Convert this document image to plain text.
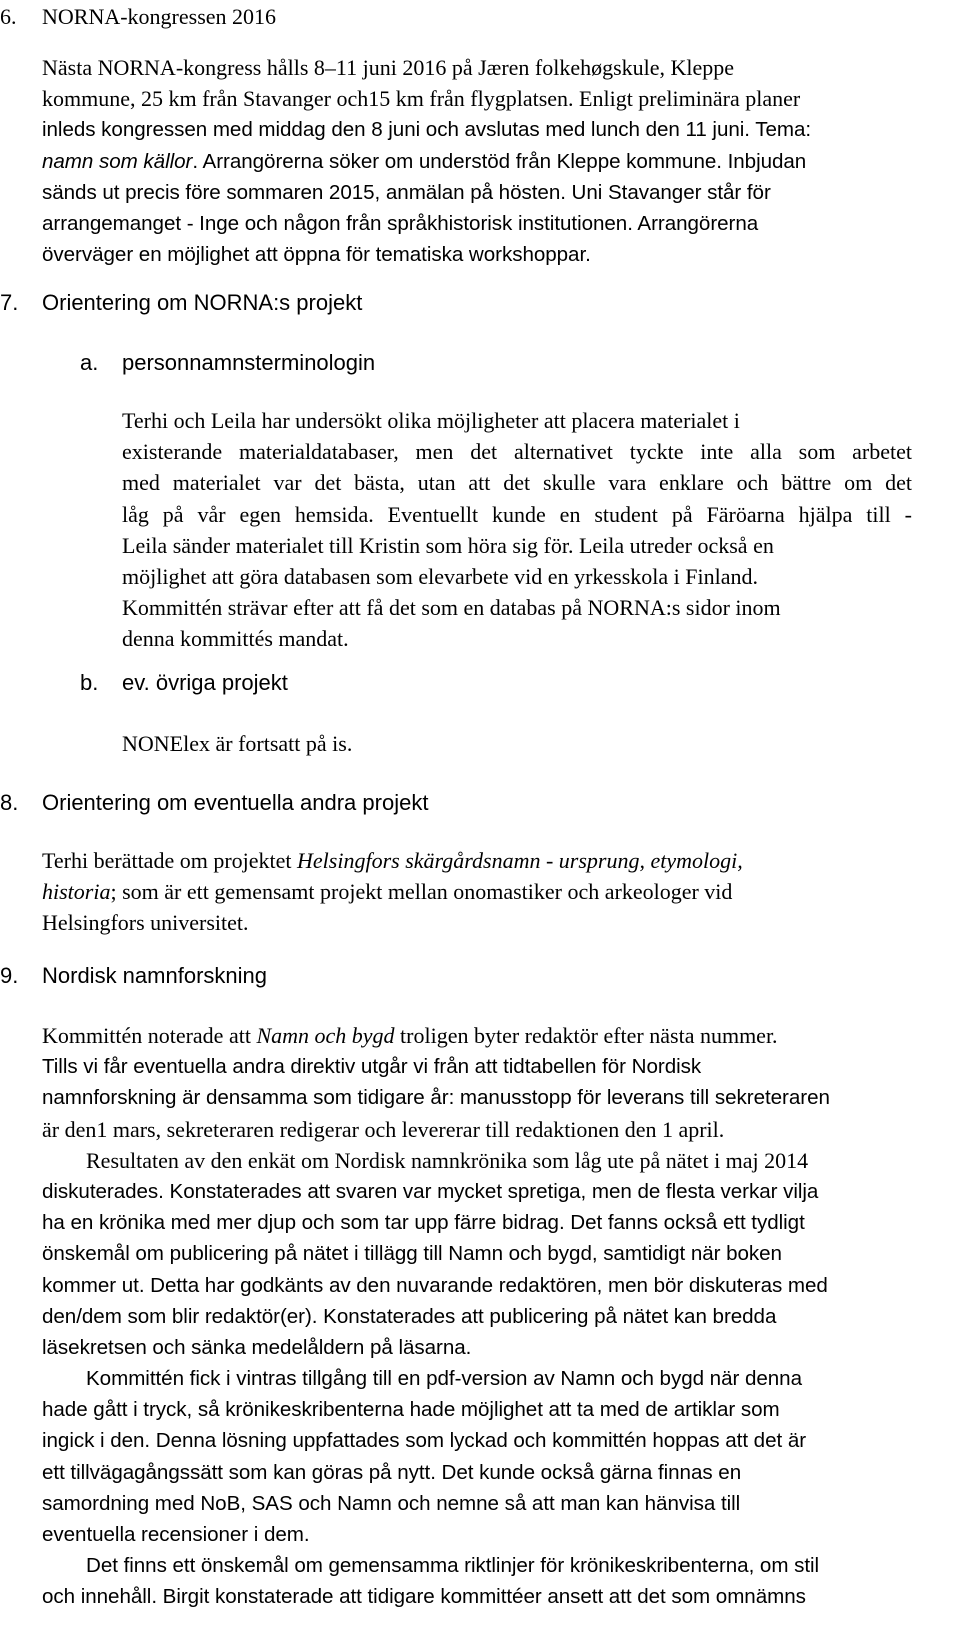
6. NORNA-kongressen 2016
Nästa NORNA-kongress hålls 8–11 juni 2016 på Jæren folkehøgskule, Kleppe
kommune, 25 km från Stavanger och15 km från flygplatsen. Enligt preliminära planer
inleds kongressen med middag den 8 juni och avslutas med lunch den 11 juni. Tema:
namn som källor. Arrangörerna söker om understöd från Kleppe kommune. Inbjudan
sänds ut precis före sommaren 2015, anmälan på hösten. Uni Stavanger står för
arrangemanget - Inge och någon från språkhistorisk institutionen. Arrangörerna
överväger en möjlighet att öppna för tematiska workshoppar.
7. Orientering om NORNA:s projekt
a. personnamnsterminologin
Terhi och Leila har undersökt olika möjligheter att placera materialet i
existerande materialdatabaser, men det alternativet tyckte inte alla som arbetet
med materialet var det bästa, utan att det skulle vara enklare och bättre om det
låg på vår egen hemsida. Eventuellt kunde en student på Färöarna hjälpa till -
Leila sänder materialet till Kristin som höra sig för. Leila utreder också en
möjlighet att göra databasen som elevarbete vid en yrkesskola i Finland.
Kommittén strävar efter att få det som en databas på NORNA:s sidor inom
denna kommittés mandat.
b. ev. övriga projekt
NONElex är fortsatt på is.
8. Orientering om eventuella andra projekt
Terhi berättade om projektet Helsingfors skärgårdsnamn - ursprung, etymologi,
historia; som är ett gemensamt projekt mellan onomastiker och arkeologer vid
Helsingfors universitet.
9. Nordisk namnforskning
Kommittén noterade att Namn och bygd troligen byter redaktör efter nästa nummer.
Tills vi får eventuella andra direktiv utgår vi från att tidtabellen för Nordisk
namnforskning är densamma som tidigare år: manusstopp för leverans till sekreteraren
är den1 mars, sekreteraren redigerar och levererar till redaktionen den 1 april.
Resultaten av den enkät om Nordisk namnkrönika som låg ute på nätet i maj 2014
diskuterades. Konstaterades att svaren var mycket spretiga, men de flesta verkar vilja
ha en krönika med mer djup och som tar upp färre bidrag. Det fanns också ett tydligt
önskemål om publicering på nätet i tillägg till Namn och bygd, samtidigt när boken
kommer ut. Detta har godkänts av den nuvarande redaktören, men bör diskuteras med
den/dem som blir redaktör(er). Konstaterades att publicering på nätet kan bredda
läsekretsen och sänka medelåldern på läsarna.
Kommittén fick i vintras tillgång till en pdf-version av Namn och bygd när denna
hade gått i tryck, så krönikeskribenterna hade möjlighet att ta med de artiklar som
ingick i den. Denna lösning uppfattades som lyckad och kommittén hoppas att det är
ett tillvägagångssätt som kan göras på nytt. Det kunde också gärna finnas en
samordning med NoB, SAS och Namn och nemne så att man kan hänvisa till
eventuella recensioner i dem.
Det finns ett önskemål om gemensamma riktlinjer för krönikeskribenterna, om stil
och innehåll. Birgit konstaterade att tidigare kommittéer ansett att det som omnämns
